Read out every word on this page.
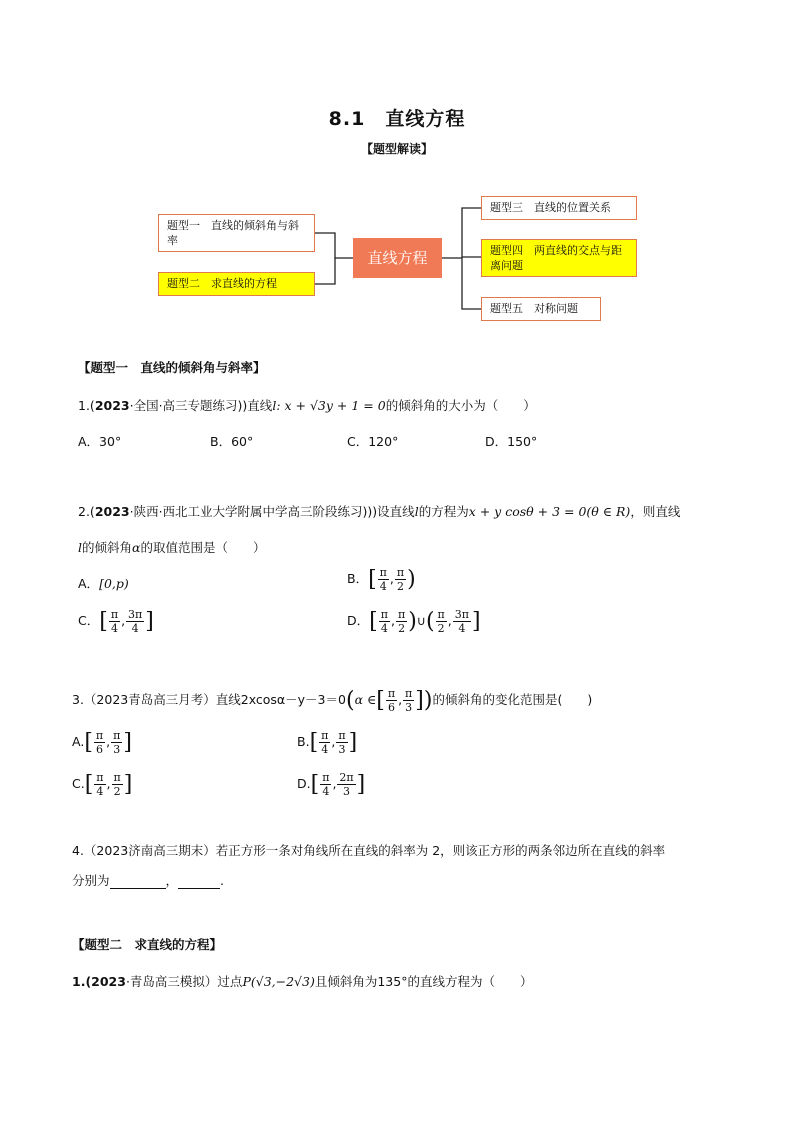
8.1　直线方程
【题型解读】
题型一　直线的倾斜角与斜率
题型二　求直线的方程
直线方程
题型三　直线的位置关系
题型四　两直线的交点与距离问题
题型五　对称问题
【题型一　直线的倾斜角与斜率】
1.(2023·全国·高三专题练习))直线l: x + √3y + 1 = 0的倾斜角的大小为（　　）
A．30°	B．60°	C．120°	D．150°
2.(2023·陕西·西北工业大学附属中学高三阶段练习)))设直线l的方程为x + y cosθ + 3 = 0(θ ∈ R)，则直线
l的倾斜角α的取值范围是（　　）
A．[0,p)	B．[ $\frac{\pi}{4}$ , $\frac{\pi}{2}$ )
C．[ $\frac{\pi}{4}$ , $\frac{3\pi}{4}$ ]	D．[ $\frac{\pi}{4}$ , $\frac{\pi}{2}$ )∪( $\frac{\pi}{2}$ , $\frac{3\pi}{4}$ ]
3.（2023青岛高三月考）直线2xcosα－y－3＝0(α ∈[ $\frac{\pi}{6}$ , $\frac{\pi}{3}$ ])的倾斜角的变化范围是(　　)
$A.[ \frac{\pi}{6}$ , $\frac{\pi}{3}$ ]	$B.[ \frac{\pi}{4}$ , $\frac{\pi}{3}$ ]
$C.[ \frac{\pi}{4}$ , $\frac{\pi}{2}$ ]	$D.[ \frac{\pi}{4}$ , $\frac{2\pi}{3}$ ]
4.（2023济南高三期末）若正方形一条对角线所在直线的斜率为 2，则该正方形的两条邻边所在直线的斜率
分别为	，	.
【题型二　求直线的方程】
1.(2023·青岛高三模拟）过点P(√3,−2√3)且倾斜角为135°的直线方程为（　　）
